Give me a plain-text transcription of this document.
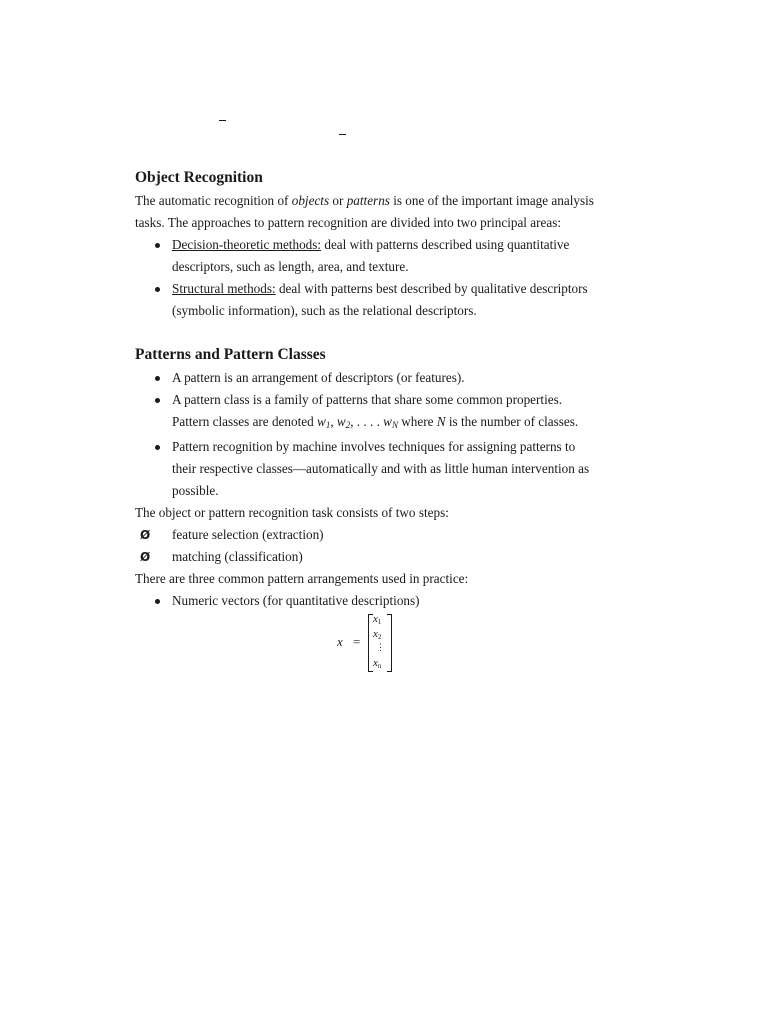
Object Recognition

The automatic recognition of objects or patterns is one of the important image analysis tasks. The approaches to pattern recognition are divided into two principal areas:

Decision-theoretic methods: deal with patterns described using quantitative descriptors, such as length, area, and texture.
Structural methods: deal with patterns best described by qualitative descriptors (symbolic information), such as the relational descriptors.
Patterns and Pattern Classes
A pattern is an arrangement of descriptors (or features).
A pattern class is a family of patterns that share some common properties. Pattern classes are denoted $w_1$, $w_2$, . . . . $w_N$ where N is the number of classes.
Pattern recognition by machine involves techniques for assigning patterns to their respective classes—automatically and with as little human intervention as possible.

The object or pattern recognition task consists of two steps:

Ø feature selection (extraction)
Ø matching (classification)

There are three common pattern arrangements used in practice:

Numeric vectors (for quantitative descriptions)
x =
x1
x2
⋮
xn
